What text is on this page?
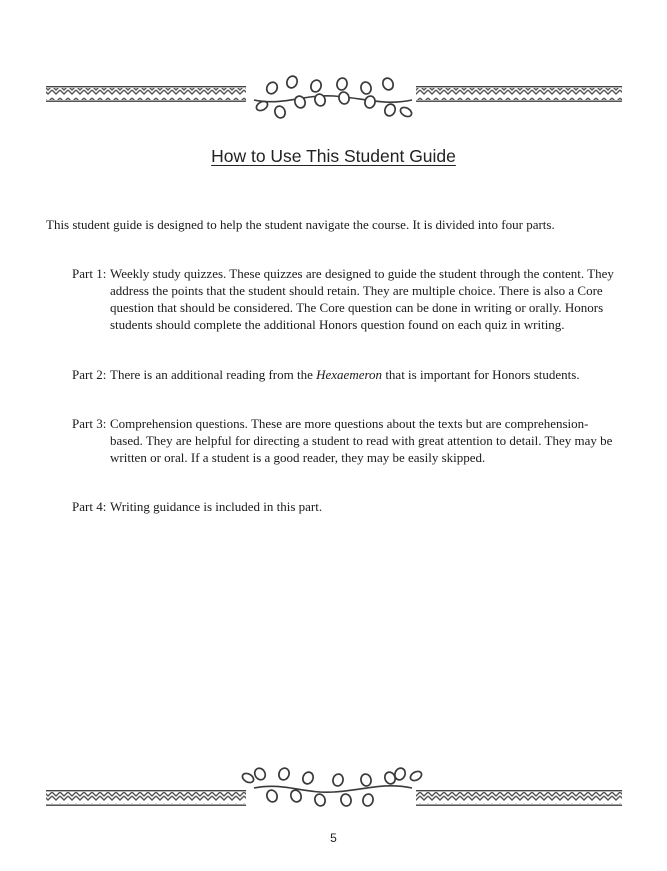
How to Use This Student Guide

This student guide is designed to help the student navigate the course. It is divided into four parts.

Part 1: Weekly study quizzes. These quizzes are designed to guide the student through the content. They address the points that the student should retain. They are multiple choice. There is also a Core question that should be considered. The Core question can be done in writing or orally. Honors students should complete the additional Honors question found on each quiz in writing.
Part 2: There is an additional reading from the Hexaemeron that is important for Honors students.
Part 3: Comprehension questions. These are more questions about the texts but are comprehension-based. They are helpful for directing a student to read with great attention to detail. They may be written or oral. If a student is a good reader, they may be easily skipped.
Part 4: Writing guidance is included in this part.
5
